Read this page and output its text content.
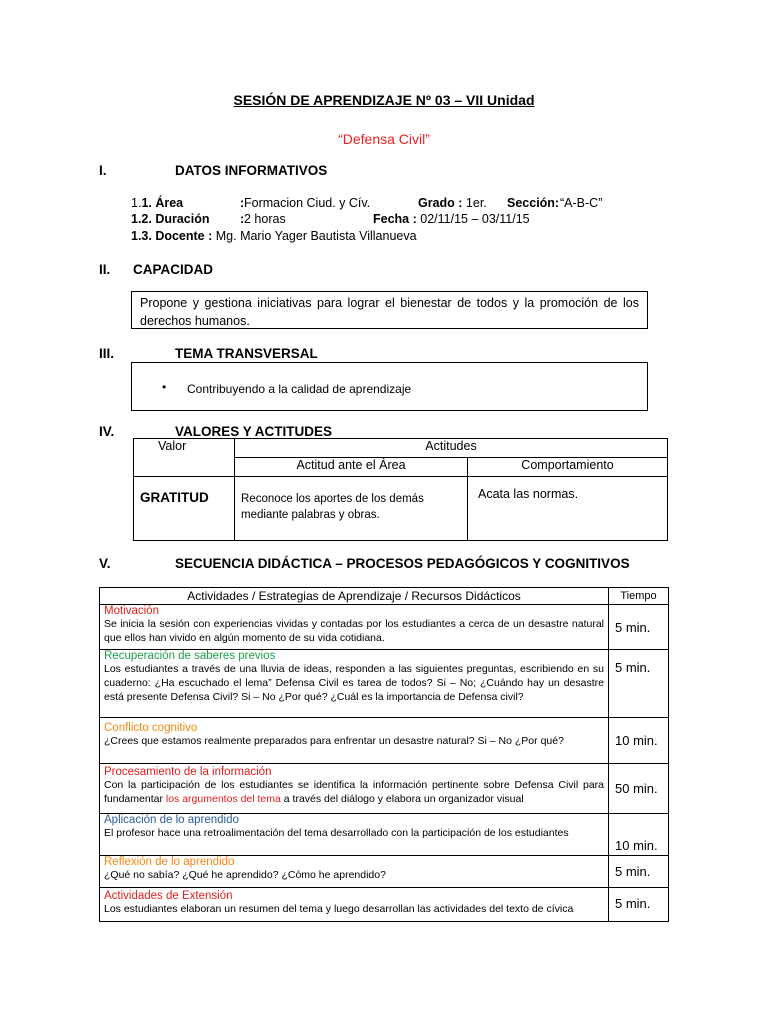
SESIÓN DE APRENDIZAJE Nº 03 – VII Unidad
“Defensa Civil”
I.	DATOS INFORMATIVOS
1.1. Área	: Formacion Ciud. y Cív.	Grado : 1er. Sección: “A-B-C”
1.2. Duración : 2 horas	Fecha : 02/11/15 – 03/11/15
1.3. Docente : Mg. Mario Yager Bautista Villanueva
II. CAPACIDAD
Propone y gestiona iniciativas para lograr el bienestar de todos y la promoción de los derechos humanos.
III.	TEMA TRANSVERSAL
• Contribuyendo a la calidad de aprendizaje
IV.	VALORES Y ACTITUDES
Valor	Actitudes	
	Actitud ante el Área	Comportamiento
GRATITUD	Reconoce los aportes de los demás mediante palabras y obras.	Acata las normas.
V.	SECUENCIA DIDÁCTICA – PROCESOS PEDAGÓGICOS Y COGNITIVOS
Actividades / Estrategias de Aprendizaje / Recursos Didácticos	Tiempo

Motivación
Se inicia la sesión con experiencias vividas y contadas por los estudiantes a cerca de un desastre natural que ellos han vivido en algún momento de su vida cotidiana.	5 min.

Recuperación de saberes previos
Los estudiantes a través de una lluvia de ideas, responden a las siguientes preguntas, escribiendo en su cuaderno: ¿Ha escuchado el lema” Defensa Civil es tarea de todos? Si – No; ¿Cuándo hay un desastre está presente Defensa Civil? Si – No ¿Por qué? ¿Cuál es la importancia de Defensa civil?	5 min.

Conflicto cognitivo
¿Crees que estamos realmente preparados para enfrentar un desastre natural? Si – No ¿Por qué?	10 min.

Procesamiento de la información
Con la participación de los estudiantes se identifica la información pertinente sobre Defensa Civil para fundamentar los argumentos del tema a través del diálogo y elabora un organizador visual	50 min.

Aplicación de lo aprendido
El profesor hace una retroalimentación del tema desarrollado con la participación de los estudiantes	10 min.

Reflexión de lo aprendido
¿Qué no sabía? ¿Qué he aprendido? ¿Cómo he aprendido?	5 min.

Actividades de Extensión
Los estudiantes elaboran un resumen del tema y luego desarrollan las actividades del texto de cívica	5 min.
